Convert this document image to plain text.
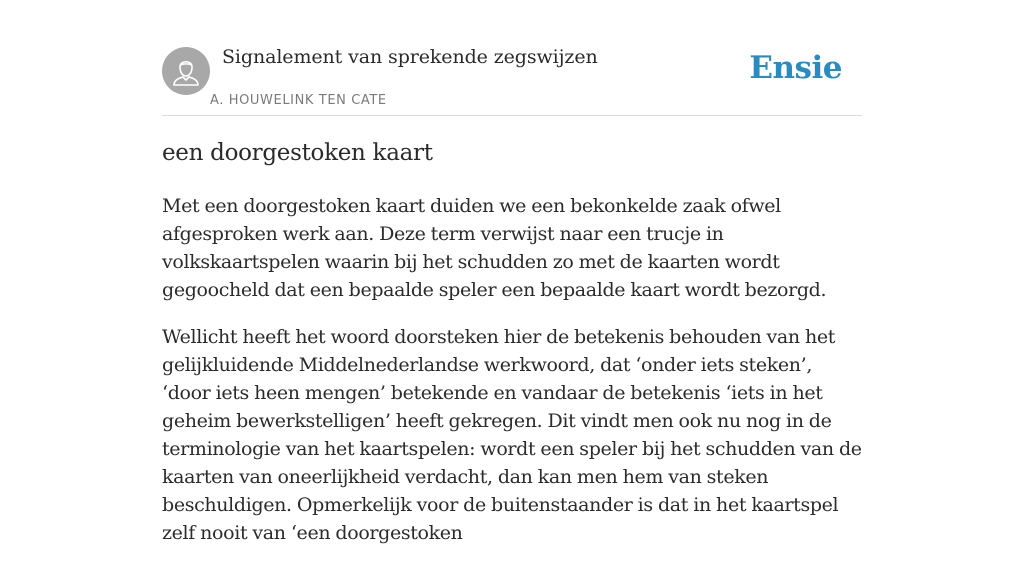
Signalement van sprekende zegswijzen
A. HOUWELINK TEN CATE
Ensie
een doorgestoken kaart

Met een doorgestoken kaart duiden we een bekonkelde zaak ofwel afgesproken werk aan. Deze term verwijst naar een trucje in volkskaartspelen waarin bij het schudden zo met de kaarten wordt gegoocheld dat een bepaalde speler een bepaalde kaart wordt bezorgd.

Wellicht heeft het woord doorsteken hier de betekenis behouden van het gelijkluidende Middelnederlandse werkwoord, dat ‘onder iets steken’, ‘door iets heen mengen’ betekende en vandaar de betekenis ‘iets in het geheim bewerkstelligen’ heeft gekregen. Dit vindt men ook nu nog in de terminologie van het kaartspelen: wordt een speler bij het schudden van de kaarten van oneerlijkheid verdacht, dan kan men hem van steken beschuldigen. Opmerkelijk voor de buitenstaander is dat in het kaartspel zelf nooit van ‘een doorgestoken
